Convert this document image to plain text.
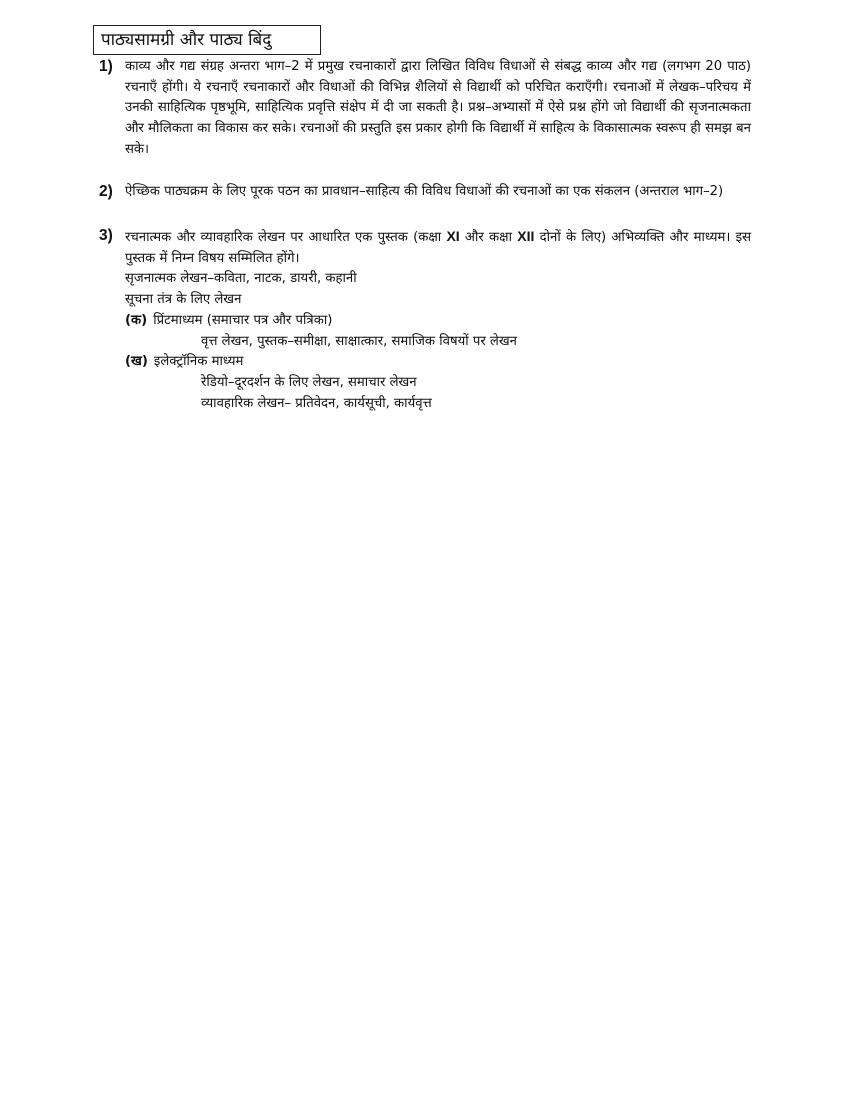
पाठ्यसामग्री और पाठ्य बिंदु
1) काव्य और गद्य संग्रह अन्तरा भाग–2 में प्रमुख रचनाकारों द्वारा लिखित विविध विधाओं से संबद्ध काव्य और गद्य (लगभग 20 पाठ) रचनाएँ होंगी। ये रचनाएँ रचनाकारों और विधाओं की विभिन्न शैलियों से विद्यार्थी को परिचित कराएँगी। रचनाओं में लेखक–परिचय में उनकी साहित्यिक पृष्ठभूमि, साहित्यिक प्रवृत्ति संक्षेप में दी जा सकती है। प्रश्न–अभ्यासों में ऐसे प्रश्न होंगे जो विद्यार्थी की सृजनात्मकता और मौलिकता का विकास कर सके। रचनाओं की प्रस्तुति इस प्रकार होगी कि विद्यार्थी में साहित्य के विकासात्मक स्वरूप ही समझ बन सके।
2) ऐच्छिक पाठ्यक्रम के लिए पूरक पठन का प्रावधान–साहित्य की विविध विधाओं की रचनाओं का एक संकलन (अन्तराल भाग–2)
3) रचनात्मक और व्यावहारिक लेखन पर आधारित एक पुस्तक (कक्षा XI और कक्षा XII दोनों के लिए) अभिव्यक्ति और माध्यम। इस पुस्तक में निम्न विषय सम्मिलित होंगे।
सृजनात्मक लेखन–कविता, नाटक, डायरी, कहानी
सूचना तंत्र के लिए लेखन
(क) प्रिंटमाध्यम (समाचार पत्र और पत्रिका)
वृत्त लेखन, पुस्तक–समीक्षा, साक्षात्कार, समाजिक विषयों पर लेखन
(ख) इलेक्ट्रॉनिक माध्यम
रेडियो–दूरदर्शन के लिए लेखन, समाचार लेखन
व्यावहारिक लेखन– प्रतिवेदन, कार्यसूची, कार्यवृत्त
